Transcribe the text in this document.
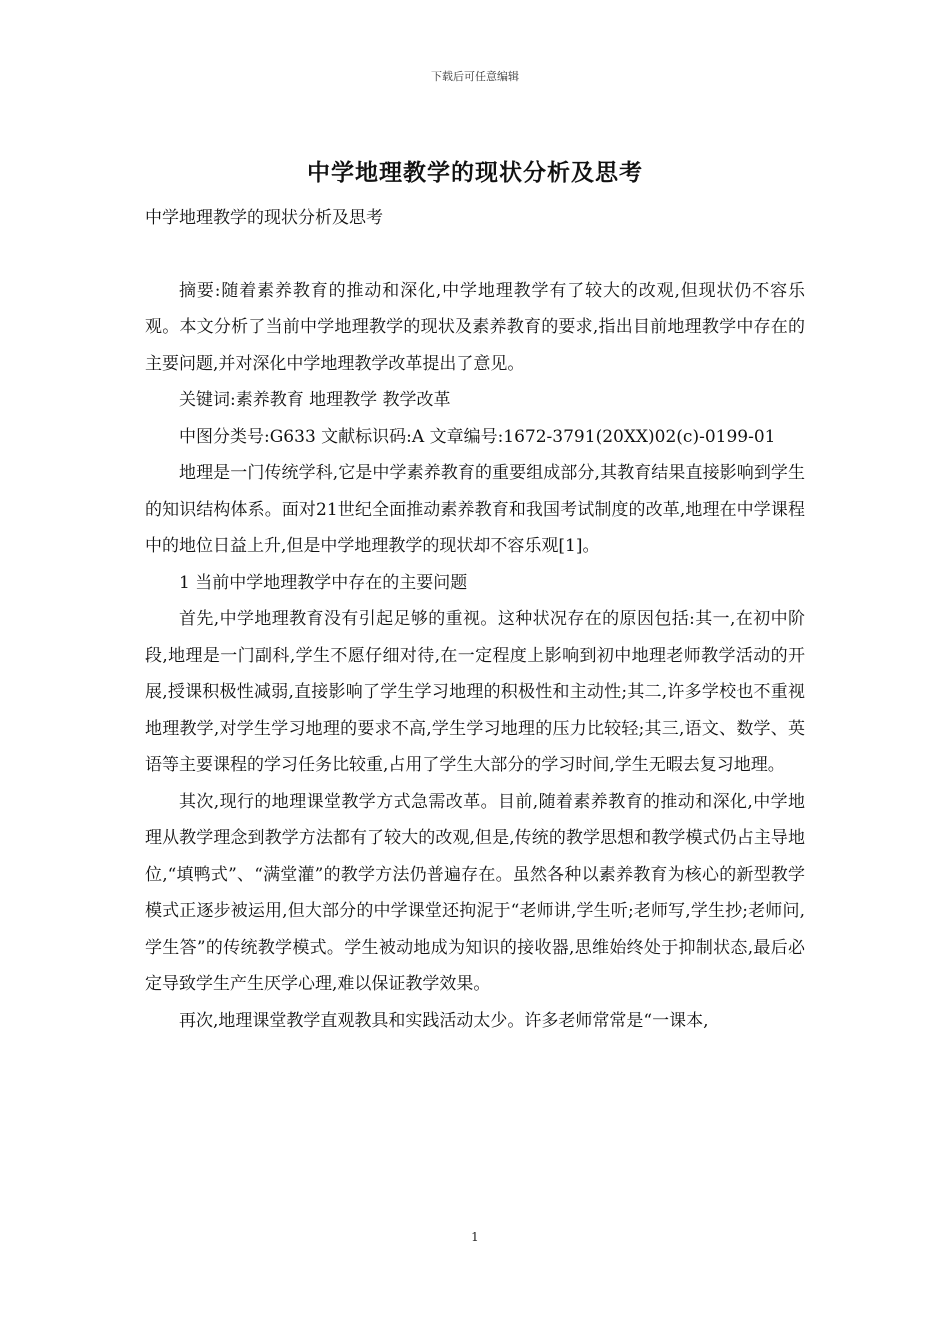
下载后可任意编辑
中学地理教学的现状分析及思考

中学地理教学的现状分析及思考

摘要:随着素养教育的推动和深化,中学地理教学有了较大的改观,但现状仍不容乐观。本文分析了当前中学地理教学的现状及素养教育的要求,指出目前地理教学中存在的主要问题,并对深化中学地理教学改革提出了意见。

关键词:素养教育 地理教学 教学改革

中图分类号:G633 文献标识码:A 文章编号:1672-3791(20XX)02(c)-0199-01

地理是一门传统学科,它是中学素养教育的重要组成部分,其教育结果直接影响到学生的知识结构体系。面对21世纪全面推动素养教育和我国考试制度的改革,地理在中学课程中的地位日益上升,但是中学地理教学的现状却不容乐观[1]。

1 当前中学地理教学中存在的主要问题

首先,中学地理教育没有引起足够的重视。这种状况存在的原因包括:其一,在初中阶段,地理是一门副科,学生不愿仔细对待,在一定程度上影响到初中地理老师教学活动的开展,授课积极性减弱,直接影响了学生学习地理的积极性和主动性;其二,许多学校也不重视地理教学,对学生学习地理的要求不高,学生学习地理的压力比较轻;其三,语文、数学、英语等主要课程的学习任务比较重,占用了学生大部分的学习时间,学生无暇去复习地理。

其次,现行的地理课堂教学方式急需改革。目前,随着素养教育的推动和深化,中学地理从教学理念到教学方法都有了较大的改观,但是,传统的教学思想和教学模式仍占主导地位,“填鸭式”、“满堂灌”的教学方法仍普遍存在。虽然各种以素养教育为核心的新型教学模式正逐步被运用,但大部分的中学课堂还拘泥于“老师讲,学生听;老师写,学生抄;老师问,学生答”的传统教学模式。学生被动地成为知识的接收器,思维始终处于抑制状态,最后必定导致学生产生厌学心理,难以保证教学效果。

再次,地理课堂教学直观教具和实践活动太少。许多老师常常是“一课本,

1
